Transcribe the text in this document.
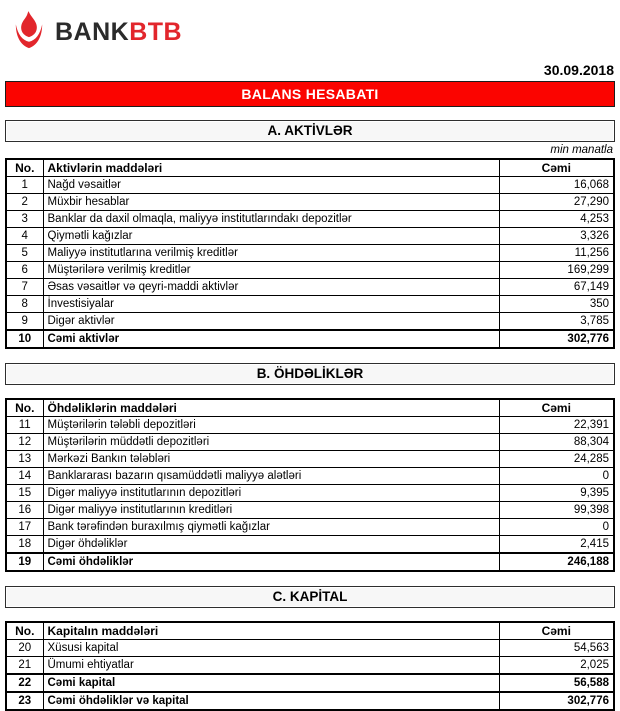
BANKBTB
30.09.2018
BALANS HESABATI
A. AKTİVLƏR
min manatla
No.	Aktivlərin maddələri	Cəmi
1	Nağd vəsaitlər	16,068
2	Müxbir hesablar	27,290
3	Banklar da daxil olmaqla, maliyyə institutlarındakı depozitlər	4,253
4	Qiymətli kağızlar	3,326
5	Maliyyə institutlarına verilmiş kreditlər	11,256
6	Müştərilərə verilmiş kreditlər	169,299
7	Əsas vəsaitlər və qeyri-maddi aktivlər	67,149
8	İnvestisiyalar	350
9	Digər aktivlər	3,785
10	Cəmi aktivlər	302,776
B. ÖHDƏLİKLƏR
No.	Öhdəliklərin maddələri	Cəmi
11	Müştərilərin tələbli depozitləri	22,391
12	Müştərilərin müddətli depozitləri	88,304
13	Mərkəzi Bankın tələbləri	24,285
14	Banklararası bazarın qısamüddətli maliyyə alətləri	0
15	Digər maliyyə institutlarının depozitləri	9,395
16	Digər maliyyə institutlarının kreditləri	99,398
17	Bank tərəfindən buraxılmış qiymətli kağızlar	0
18	Digər öhdəliklər	2,415
19	Cəmi öhdəliklər	246,188
C. KAPİTAL
No.	Kapitalın maddələri	Cəmi
20	Xüsusi kapital	54,563
21	Ümumi ehtiyatlar	2,025
22	Cəmi kapital	56,588
23	Cəmi öhdəliklər və kapital	302,776
